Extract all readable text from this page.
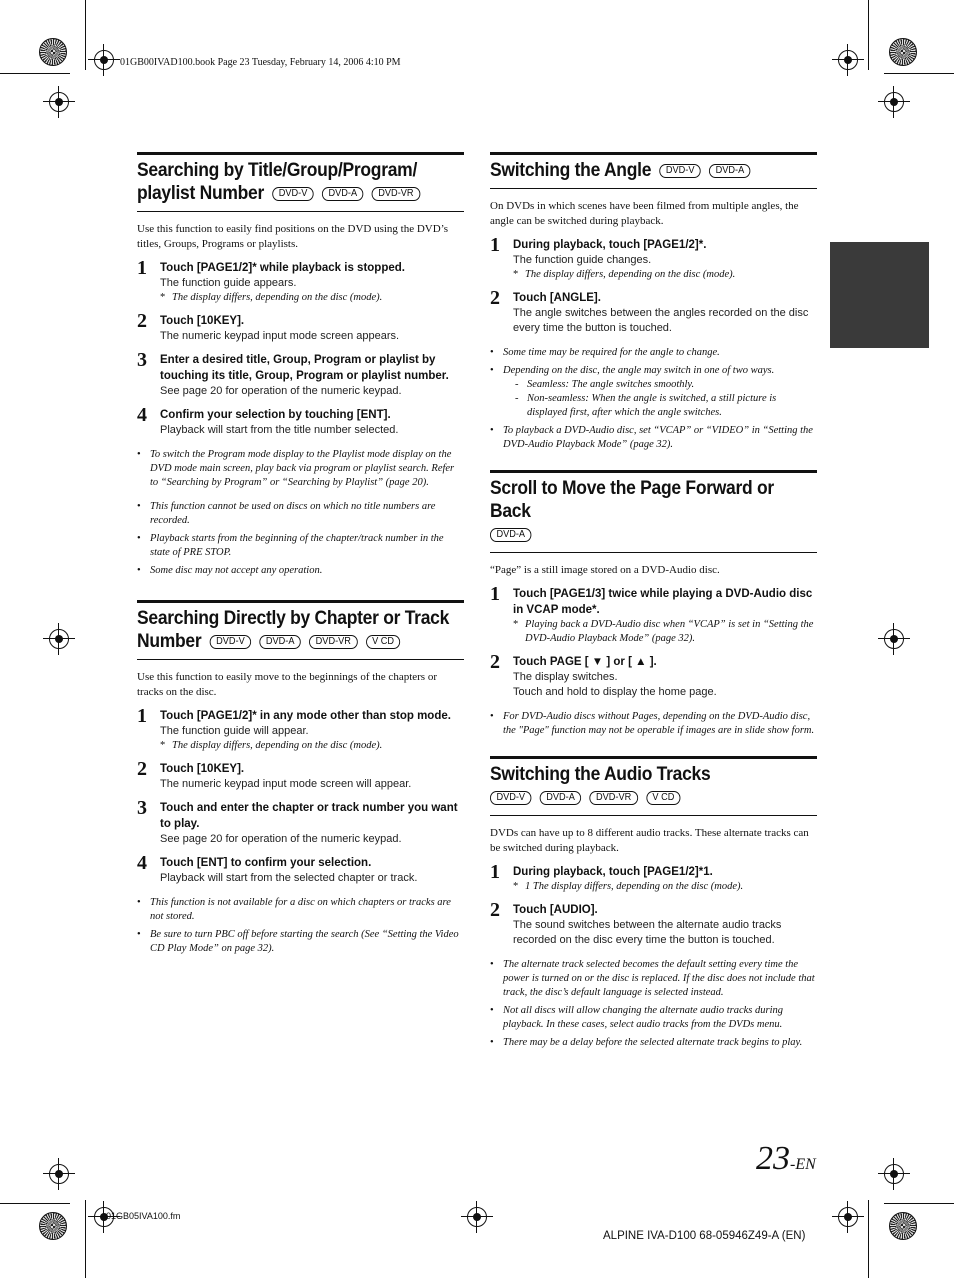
01GB00IVAD100.book Page 23 Tuesday, February 14, 2006 4:10 PM
Searching by Title/Group/Program/
playlist Number DVD-V DVD-A DVD-VR
Use this function to easily find positions on the DVD using the DVD’s titles, Groups, Programs or playlists.
1 Touch [PAGE1/2]* while playback is stopped.
The function guide appears.
* The display differs, depending on the disc (mode).
2 Touch [10KEY].
The numeric keypad input mode screen appears.
3 Enter a desired title, Group, Program or playlist by touching its title, Group, Program or playlist number.
See page 20 for operation of the numeric keypad.
4 Confirm your selection by touching [ENT].
Playback will start from the title number selected.
• To switch the Program mode display to the Playlist mode display on the DVD mode main screen, play back via program or playlist search. Refer to “Searching by Program” or “Searching by Playlist” (page 20).
• This function cannot be used on discs on which no title numbers are recorded.
• Playback starts from the beginning of the chapter/track number in the state of PRE STOP.
• Some disc may not accept any operation.
Searching Directly by Chapter or Track
Number DVD-V DVD-A DVD-VR V CD
Use this function to easily move to the beginnings of the chapters or tracks on the disc.
1 Touch [PAGE1/2]* in any mode other than stop mode.
The function guide will appear.
* The display differs, depending on the disc (mode).
2 Touch [10KEY].
The numeric keypad input mode screen will appear.
3 Touch and enter the chapter or track number you want to play.
See page 20 for operation of the numeric keypad.
4 Touch [ENT] to confirm your selection.
Playback will start from the selected chapter or track.
• This function is not available for a disc on which chapters or tracks are not stored.
• Be sure to turn PBC off before starting the search (See “Setting the Video CD Play Mode” on page 32).
Switching the Angle DVD-V DVD-A
On DVDs in which scenes have been filmed from multiple angles, the angle can be switched during playback.
1 During playback, touch [PAGE1/2]*.
The function guide changes.
* The display differs, depending on the disc (mode).
2 Touch [ANGLE].
The angle switches between the angles recorded on the disc every time the button is touched.
• Some time may be required for the angle to change.
• Depending on the disc, the angle may switch in one of two ways.
- Seamless: The angle switches smoothly.
- Non-seamless: When the angle is switched, a still picture is displayed first, after which the angle switches.
• To playback a DVD-Audio disc, set “VCAP” or “VIDEO” in “Setting the DVD-Audio Playback Mode” (page 32).
Scroll to Move the Page Forward or Back
DVD-A
“Page” is a still image stored on a DVD-Audio disc.
1 Touch [PAGE1/3] twice while playing a DVD-Audio disc in VCAP mode*.
* Playing back a DVD-Audio disc when “VCAP” is set in “Setting the DVD-Audio Playback Mode” (page 32).
2 Touch PAGE [ ▼ ] or [ ▲ ].
The display switches.
Touch and hold to display the home page.
• For DVD-Audio discs without Pages, depending on the DVD-Audio disc, the "Page" function may not be operable if images are in slide show form.
Switching the Audio Tracks
DVD-V DVD-A DVD-VR V CD
DVDs can have up to 8 different audio tracks. These alternate tracks can be switched during playback.
1 During playback, touch [PAGE1/2]*1.
* 1 The display differs, depending on the disc (mode).
2 Touch [AUDIO].
The sound switches between the alternate audio tracks recorded on the disc every time the button is touched.
• The alternate track selected becomes the default setting every time the power is turned on or the disc is replaced. If the disc does not include that track, the disc’s default language is selected instead.
• Not all discs will allow changing the alternate audio tracks during playback. In these cases, select audio tracks from the DVDs menu.
• There may be a delay before the selected alternate track begins to play.
23-EN
01GB05IVA100.fm
ALPINE IVA-D100 68-05946Z49-A (EN)
